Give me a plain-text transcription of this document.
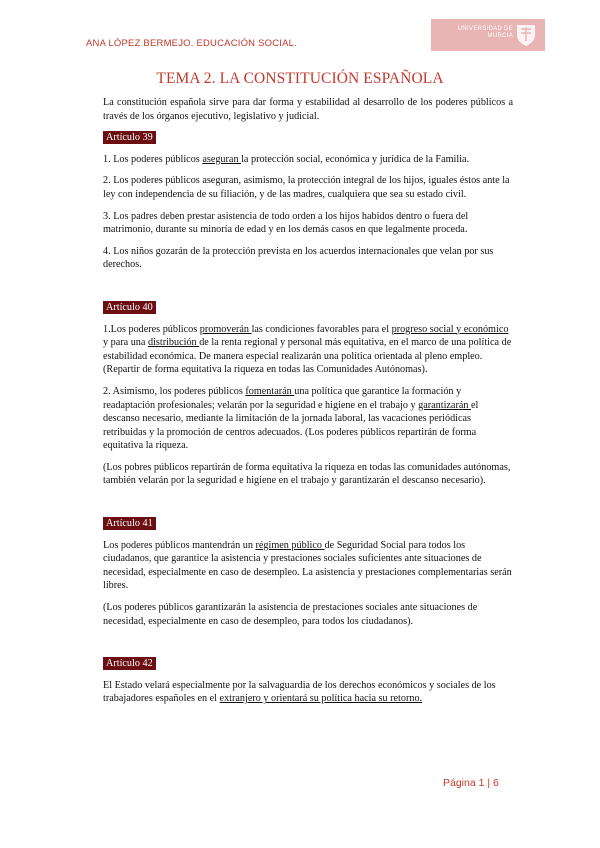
ANA LÓPEZ BERMEJO. EDUCACIÓN SOCIAL.
UNIVERSIDAD DE
MURCIA
TEMA 2. LA CONSTITUCIÓN ESPAÑOLA

La constitución española sirve para dar forma y estabilidad al desarrollo de los poderes públicos a través de los órganos ejecutivo, legislativo y judicial.

Artículo 39

1. Los poderes públicos aseguran la protección social, económica y jurídica de la Familia.

2. Los poderes públicos aseguran, asimismo, la protección integral de los hijos, iguales éstos ante la ley con independencia de su filiación, y de las madres, cualquiera que sea su estado civil.

3. Los padres deben prestar asistencia de todo orden a los hijos habidos dentro o fuera del matrimonio, durante su minoría de edad y en los demás casos en que legalmente proceda.

4. Los niños gozarán de la protección prevista en los acuerdos internacionales que velan por sus derechos.

Artículo 40

1.Los poderes públicos promoverán las condiciones favorables para el progreso social y económico y para una distribución de la renta regional y personal más equitativa, en el marco de una política de estabilidad económica. De manera especial realizarán una política orientada al pleno empleo. (Repartir de forma equitativa la riqueza en todas las Comunidades Autónomas).

2. Asimismo, los poderes públicos fomentarán una política que garantice la formación y readaptación profesionales; velarán por la seguridad e higiene en el trabajo y garantizarán el descanso necesario, mediante la limitación de la jornada laboral, las vacaciones periódicas retribuidas y la promoción de centros adecuados. (Los poderes públicos repartirán de forma equitativa la riqueza.

(Los pobres públicos repartirán de forma equitativa la riqueza en todas las comunidades autónomas, también velarán por la seguridad e higiene en el trabajo y garantizarán el descanso necesario).

Artículo 41

Los poderes públicos mantendrán un régimen público de Seguridad Social para todos los ciudadanos, que garantice la asistencia y prestaciones sociales suficientes ante situaciones de necesidad, especialmente en caso de desempleo. La asistencia y prestaciones complementarias serán libres.

(Los poderes públicos garantizarán la asistencia de prestaciones sociales ante situaciones de necesidad, especialmente en caso de desempleo, para todos los ciudadanos).

Artículo 42

El Estado velará especialmente por la salvaguardia de los derechos económicos y sociales de los trabajadores españoles en el extranjero y orientará su política hacia su retorno.

Página 1 | 6
